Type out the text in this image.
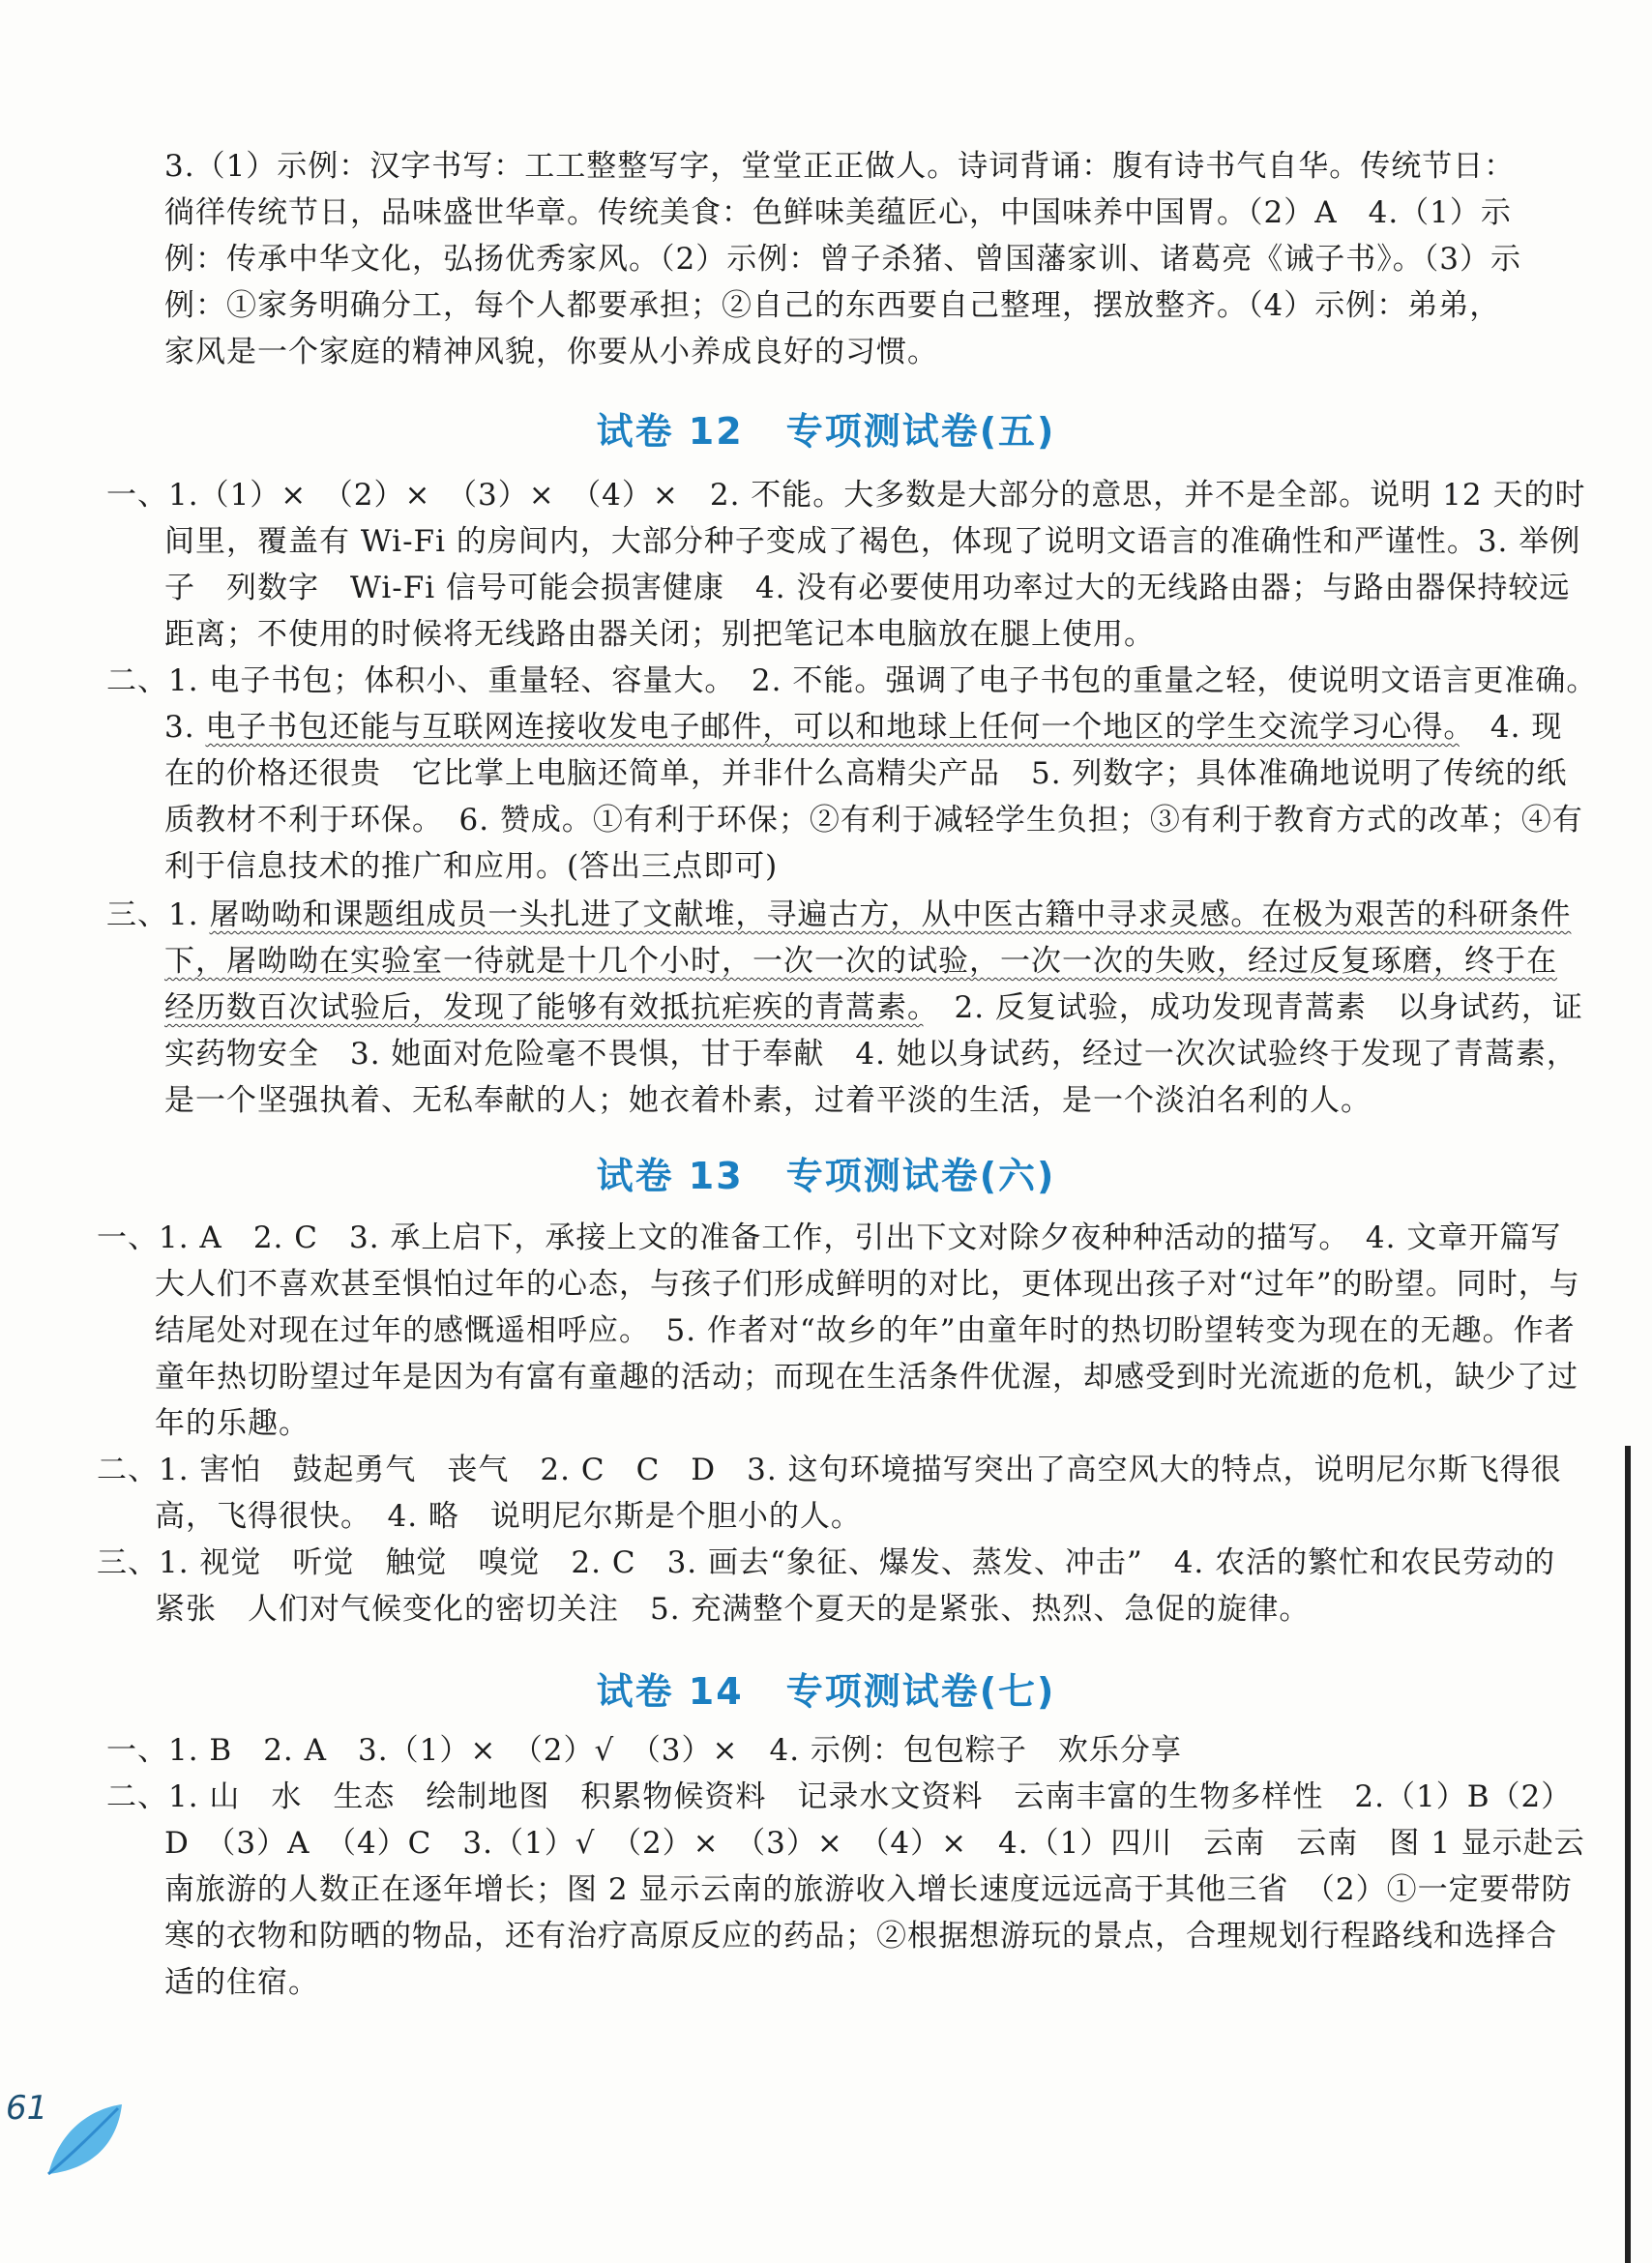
3.（1）示例：汉字书写：工工整整写字，堂堂正正做人。诗词背诵：腹有诗书气自华。传统节日：徜徉传统节日，品味盛世华章。传统美食：色鲜味美蕴匠心，中国味养中国胃。（2）A　4.（1）示例：传承中华文化，弘扬优秀家风。（2）示例：曾子杀猪、曾国藩家训、诸葛亮《诫子书》。（3）示例：①家务明确分工，每个人都要承担；②自己的东西要自己整理，摆放整齐。（4）示例：弟弟，家风是一个家庭的精神风貌，你要从小养成良好的习惯。

试卷 12 专项测试卷(五)

一、1.（1）×　（2）×　（3）×　（4）×　2. 不能。大多数是大部分的意思，并不是全部。说明 12 天的时间里，覆盖有 Wi-Fi 的房间内，大部分种子变成了褐色，体现了说明文语言的准确性和严谨性。3. 举例子　列数字　Wi-Fi 信号可能会损害健康　4. 没有必要使用功率过大的无线路由器；与路由器保持较远距离；不使用的时候将无线路由器关闭；别把笔记本电脑放在腿上使用。

二、1. 电子书包；体积小、重量轻、容量大。　2. 不能。强调了电子书包的重量之轻，使说明文语言更准确。　3. 电子书包还能与互联网连接收发电子邮件，可以和地球上任何一个地区的学生交流学习心得。　4. 现在的价格还很贵　它比掌上电脑还简单，并非什么高精尖产品　5. 列数字；具体准确地说明了传统的纸质教材不利于环保。　6. 赞成。①有利于环保；②有利于减轻学生负担；③有利于教育方式的改革；④有利于信息技术的推广和应用。(答出三点即可)

三、1. 屠呦呦和课题组成员一头扎进了文献堆，寻遍古方，从中医古籍中寻求灵感。在极为艰苦的科研条件下，屠呦呦在实验室一待就是十几个小时，一次一次的试验，一次一次的失败，经过反复琢磨，终于在经历数百次试验后，发现了能够有效抵抗疟疾的青蒿素。　2. 反复试验，成功发现青蒿素　以身试药，证实药物安全　3. 她面对危险毫不畏惧，甘于奉献　4. 她以身试药，经过一次次试验终于发现了青蒿素，是一个坚强执着、无私奉献的人；她衣着朴素，过着平淡的生活，是一个淡泊名利的人。

试卷 13 专项测试卷(六)

一、1. A　2. C　3. 承上启下，承接上文的准备工作，引出下文对除夕夜种种活动的描写。　4. 文章开篇写大人们不喜欢甚至惧怕过年的心态，与孩子们形成鲜明的对比，更体现出孩子对“过年”的盼望。同时，与结尾处对现在过年的感慨遥相呼应。　5. 作者对“故乡的年”由童年时的热切盼望转变为现在的无趣。作者童年热切盼望过年是因为有富有童趣的活动；而现在生活条件优渥，却感受到时光流逝的危机，缺少了过年的乐趣。

二、1. 害怕　鼓起勇气　丧气　2. C　C　D　3. 这句环境描写突出了高空风大的特点，说明尼尔斯飞得很高，飞得很快。　4. 略　说明尼尔斯是个胆小的人。

三、1. 视觉　听觉　触觉　嗅觉　2. C　3. 画去“象征、爆发、蒸发、冲击”　4. 农活的繁忙和农民劳动的紧张　人们对气候变化的密切关注　5. 充满整个夏天的是紧张、热烈、急促的旋律。

试卷 14 专项测试卷(七)

一、1. B　2. A　3.（1）×　（2）√　（3）×　4. 示例：包包粽子　欢乐分享

二、1. 山　水　生态　绘制地图　积累物候资料　记录水文资料　云南丰富的生物多样性　2.（1）B（2）D　（3）A　（4）C　3.（1）√　（2）×　（3）×　（4）×　4.（1）四川　云南　云南　图 1 显示赴云南旅游的人数正在逐年增长；图 2 显示云南的旅游收入增长速度远远高于其他三省　（2）①一定要带防寒的衣物和防晒的物品，还有治疗高原反应的药品；②根据想游玩的景点，合理规划行程路线和选择合适的住宿。

61
